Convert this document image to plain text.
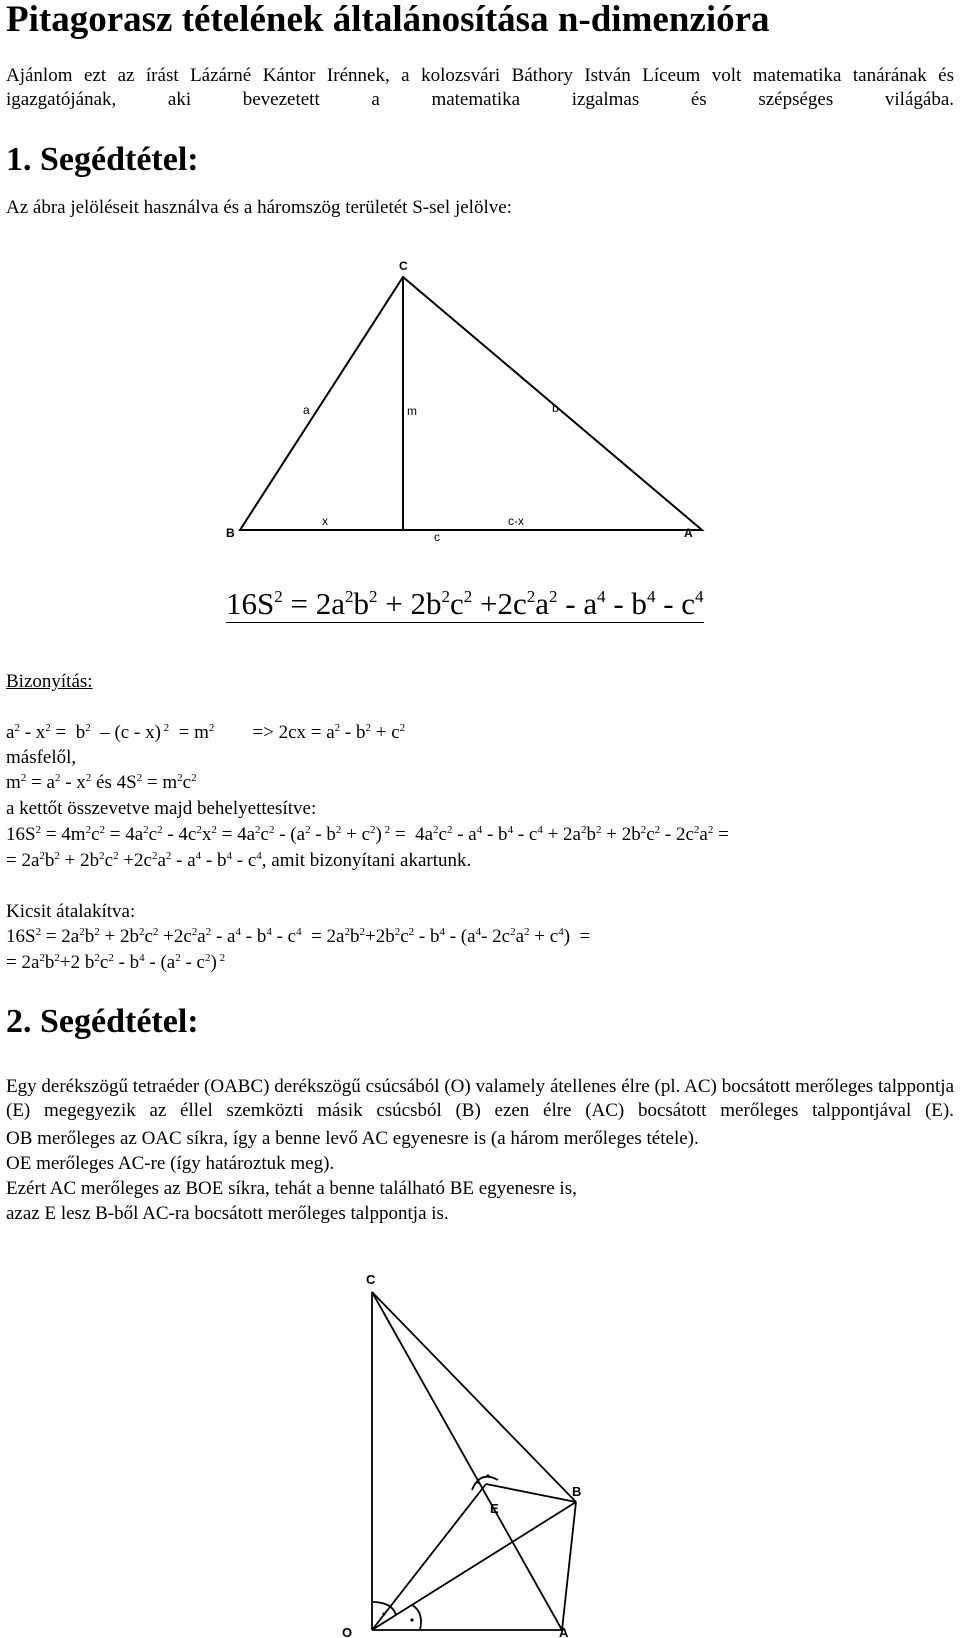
Pitagorasz tételének általánosítása n-dimenzióra
Ajánlom ezt az írást Lázárné Kántor Irénnek, a kolozsvári Báthory István Líceum volt matematika tanárának és igazgatójának, aki bevezetett a matematika izgalmas és szépséges világába.
1. Segédtétel:
Az ábra jelöléseit használva és a háromszög területét S-sel jelölve:
C
B	A
a	m	b
x
c
c-x
$16S^2 = 2a^2b^2 + 2b^2c^2 +2c^2a^2 - a^4 - b^4 - c^4$
Bizonyítás:
$a^2 - x^2 = b^2 - (c - x) ^2 = m^2$        => $2cx = a^2 - b^2 + c^2$
másfelől,
$m^2 = a^2 - x^2$ és $4S^2 = m^2c^2$
a kettőt összevetve majd behelyettesítve:
$16S^2 = 4m^2c^2 = 4a^2c^2 - 4c^2x^2 = 4a^2c^2 - (a^2 - b^2 + c^2) ^2 = 4a^2c^2 - a^4 - b^4 - c^4 + 2a^2b^2 + 2b^2c^2 - 2c^2a^2$ =
= $2a^2b^2 + 2b^2c^2 +2c^2a^2 - a^4 - b^4 - c^4$, amit bizonyítani akartunk.
Kicsit átalakítva:
$16S^2 = 2a^2b^2 + 2b^2c^2 +2c^2a^2 - a^4 - b^4 - c^4 = 2a^2b^2+2b^2c^2 - b^4 - (a^4-$ $2c^2a^2 + c^4$)  =
= $2a^2b^2+2$ $b^2c^2 - b^4 - (a^2 - c^2)$ $^2$
2. Segédtétel:
Egy derékszögű tetraéder (OABC) derékszögű csúcsából (O) valamely átellenes élre (pl. AC) bocsátott merőleges talppontja (E) megegyezik az éllel szemközti másik csúcsból (B) ezen élre (AC) bocsátott merőleges talppontjával (E).
OB merőleges az OAC síkra, így a benne levő AC egyenesre is (a három merőleges tétele).
OE merőleges AC-re (így határoztuk meg).
Ezért AC merőleges az BOE síkra, tehát a benne található BE egyenesre is,
azaz E lesz B-ből AC-ra bocsátott merőleges talppontja is.
C
B
E
O	A
